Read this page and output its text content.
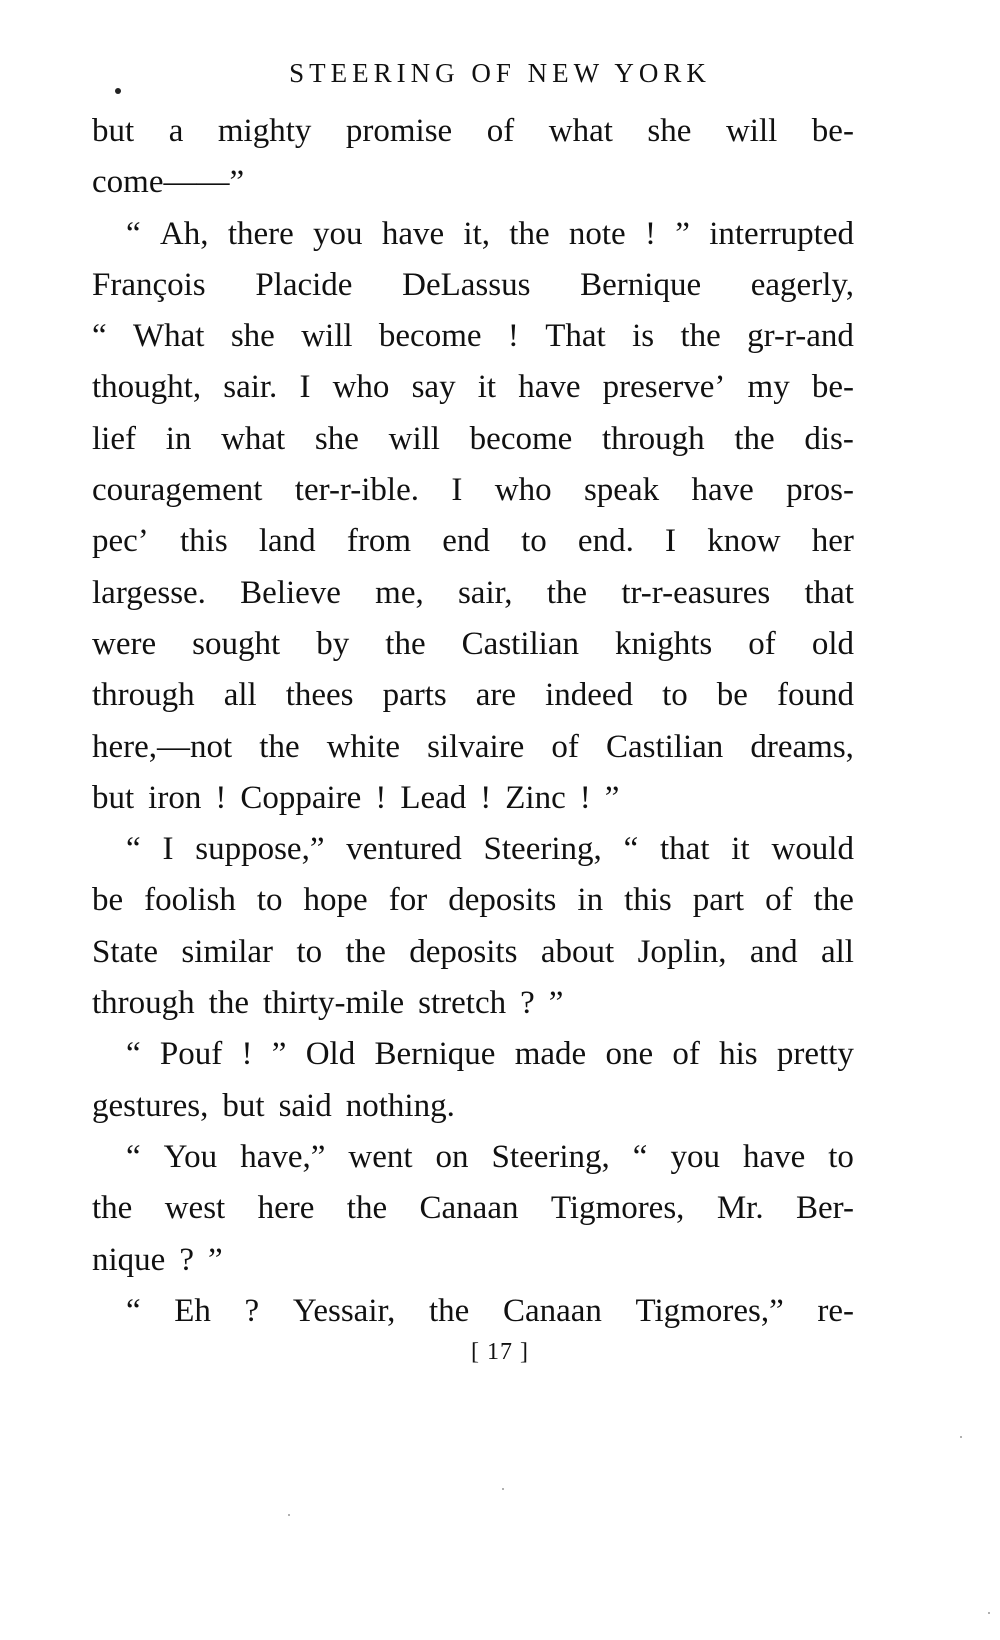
STEERING OF NEW YORK
but a mighty promise of what she will be-
come——”
“ Ah, there you have it, the note ! ” interrupted
François Placide DeLassus Bernique eagerly,
“ What she will become ! That is the gr-r-and
thought, sair. I who say it have preserve’ my be-
lief in what she will become through the dis-
couragement ter-r-ible. I who speak have pros-
pec’ this land from end to end. I know her
largesse. Believe me, sair, the tr-r-easures that
were sought by the Castilian knights of old
through all thees parts are indeed to be found
here,—not the white silvaire of Castilian dreams,
but iron ! Coppaire ! Lead ! Zinc ! ”
“ I suppose,” ventured Steering, “ that it would
be foolish to hope for deposits in this part of the
State similar to the deposits about Joplin, and all
through the thirty-mile stretch ? ”
“ Pouf ! ” Old Bernique made one of his pretty
gestures, but said nothing.
“ You have,” went on Steering, “ you have to
the west here the Canaan Tigmores, Mr. Ber-
nique ? ”
“ Eh ? Yessair, the Canaan Tigmores,” re-
[ 17 ]
